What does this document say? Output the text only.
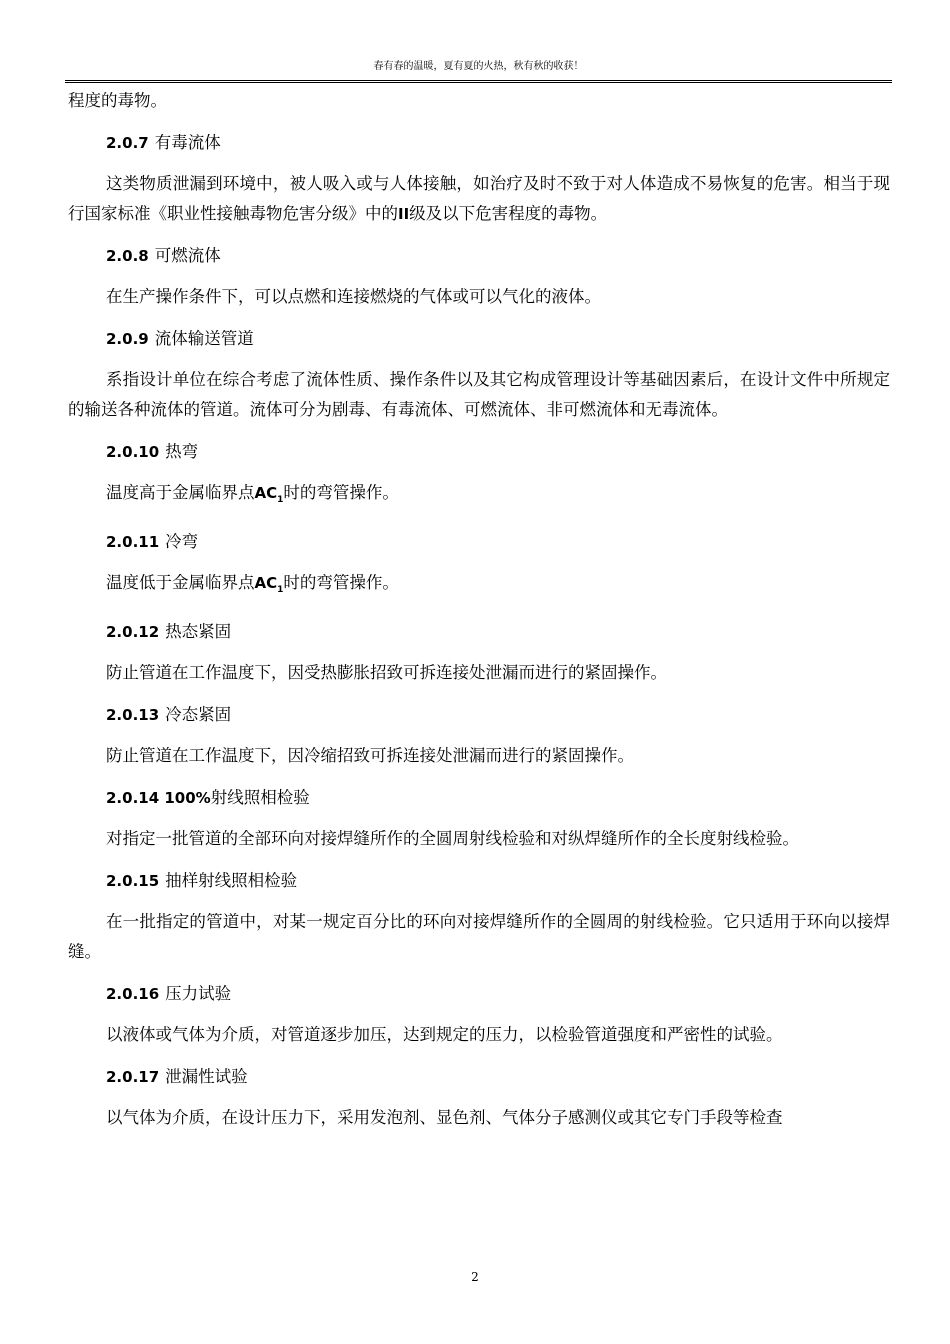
春有春的温暖，夏有夏的火热，秋有秋的收获！

程度的毒物。

2.0.7 有毒流体

这类物质泄漏到环境中，被人吸入或与人体接触，如治疗及时不致于对人体造成不易恢复的危害。相当于现行国家标准《职业性接触毒物危害分级》中的II级及以下危害程度的毒物。

2.0.8 可燃流体

在生产操作条件下，可以点燃和连接燃烧的气体或可以气化的液体。

2.0.9 流体输送管道

系指设计单位在综合考虑了流体性质、操作条件以及其它构成管理设计等基础因素后，在设计文件中所规定的输送各种流体的管道。流体可分为剧毒、有毒流体、可燃流体、非可燃流体和无毒流体。

2.0.10 热弯

温度高于金属临界点$AC_1$时的弯管操作。

2.0.11 冷弯

温度低于金属临界点$AC_1$时的弯管操作。

2.0.12 热态紧固

防止管道在工作温度下，因受热膨胀招致可拆连接处泄漏而进行的紧固操作。

2.0.13 冷态紧固

防止管道在工作温度下，因冷缩招致可拆连接处泄漏而进行的紧固操作。

2.0.14 100%射线照相检验

对指定一批管道的全部环向对接焊缝所作的全圆周射线检验和对纵焊缝所作的全长度射线检验。

2.0.15 抽样射线照相检验

在一批指定的管道中，对某一规定百分比的环向对接焊缝所作的全圆周的射线检验。它只适用于环向以接焊缝。

2.0.16 压力试验

以液体或气体为介质，对管道逐步加压，达到规定的压力，以检验管道强度和严密性的试验。

2.0.17 泄漏性试验

以气体为介质，在设计压力下，采用发泡剂、显色剂、气体分子感测仪或其它专门手段等检查

2
